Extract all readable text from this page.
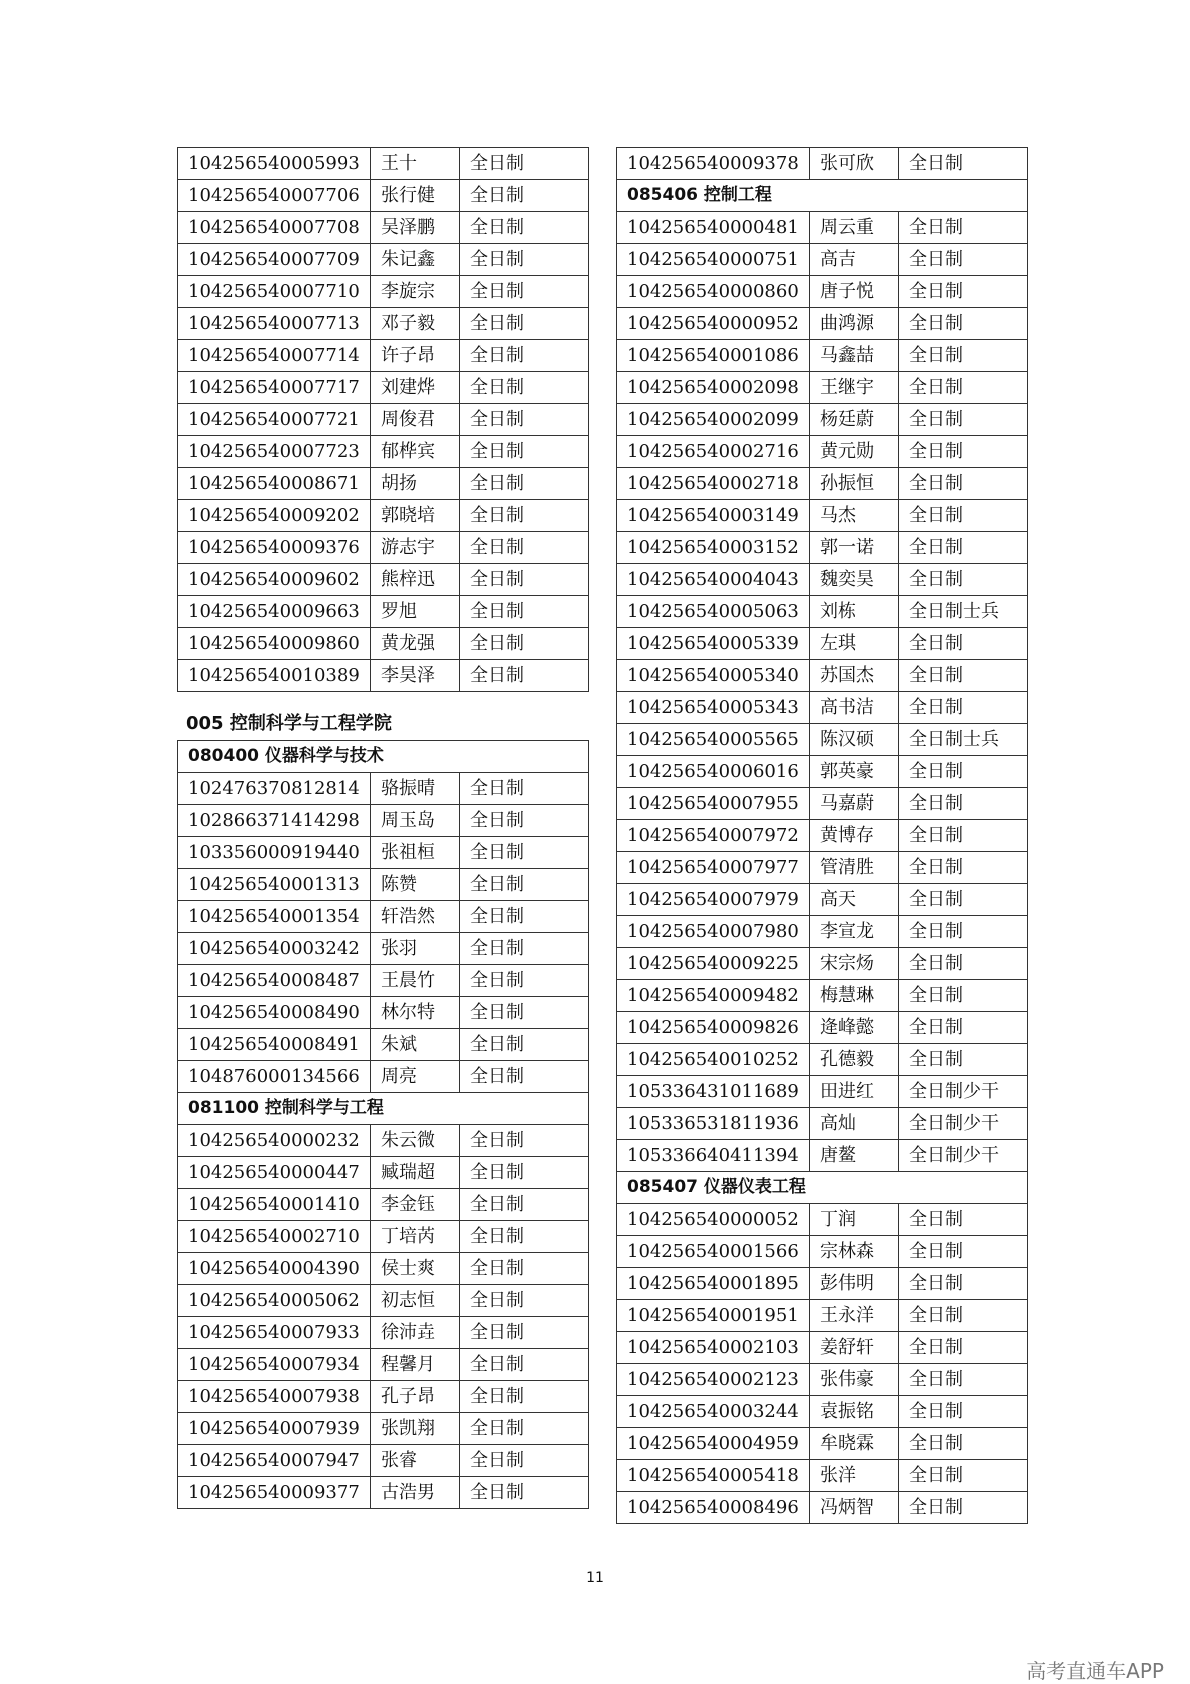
104256540005993	王十	全日制
104256540007706	张行健	全日制
104256540007708	吴泽鹏	全日制
104256540007709	朱记鑫	全日制
104256540007710	李旋宗	全日制
104256540007713	邓子毅	全日制
104256540007714	许子昂	全日制
104256540007717	刘建烨	全日制
104256540007721	周俊君	全日制
104256540007723	郁桦宾	全日制
104256540008671	胡扬	全日制
104256540009202	郭晓培	全日制
104256540009376	游志宇	全日制
104256540009602	熊梓迅	全日制
104256540009663	罗旭	全日制
104256540009860	黄龙强	全日制
104256540010389	李昊泽	全日制
005 控制科学与工程学院
080400 仪器科学与技术		
102476370812814	骆振晴	全日制
102866371414298	周玉岛	全日制
103356000919440	张祖桓	全日制
104256540001313	陈赞	全日制
104256540001354	轩浩然	全日制
104256540003242	张羽	全日制
104256540008487	王晨竹	全日制
104256540008490	林尔特	全日制
104256540008491	朱斌	全日制
104876000134566	周亮	全日制
081100 控制科学与工程		
104256540000232	朱云微	全日制
104256540000447	臧瑞超	全日制
104256540001410	李金钰	全日制
104256540002710	丁培芮	全日制
104256540004390	侯士爽	全日制
104256540005062	初志恒	全日制
104256540007933	徐沛垚	全日制
104256540007934	程馨月	全日制
104256540007938	孔子昂	全日制
104256540007939	张凯翔	全日制
104256540007947	张睿	全日制
104256540009377	古浩男	全日制
104256540009378	张可欣	全日制
085406 控制工程		
104256540000481	周云重	全日制
104256540000751	高吉	全日制
104256540000860	唐子悦	全日制
104256540000952	曲鸿源	全日制
104256540001086	马鑫喆	全日制
104256540002098	王继宇	全日制
104256540002099	杨廷蔚	全日制
104256540002716	黄元勋	全日制
104256540002718	孙振恒	全日制
104256540003149	马杰	全日制
104256540003152	郭一诺	全日制
104256540004043	魏奕昊	全日制
104256540005063	刘栋	全日制士兵
104256540005339	左琪	全日制
104256540005340	苏国杰	全日制
104256540005343	高书洁	全日制
104256540005565	陈汉硕	全日制士兵
104256540006016	郭英豪	全日制
104256540007955	马嘉蔚	全日制
104256540007972	黄博存	全日制
104256540007977	管清胜	全日制
104256540007979	高天	全日制
104256540007980	李宣龙	全日制
104256540009225	宋宗炀	全日制
104256540009482	梅慧琳	全日制
104256540009826	逄峰懿	全日制
104256540010252	孔德毅	全日制
105336431011689	田进红	全日制少干
105336531811936	高灿	全日制少干
105336640411394	唐鳌	全日制少干
085407 仪器仪表工程		
104256540000052	丁润	全日制
104256540001566	宗林森	全日制
104256540001895	彭伟明	全日制
104256540001951	王永洋	全日制
104256540002103	姜舒轩	全日制
104256540002123	张伟豪	全日制
104256540003244	袁振铭	全日制
104256540004959	牟晓霖	全日制
104256540005418	张洋	全日制
104256540008496	冯炳智	全日制
11
高考直通车APP
